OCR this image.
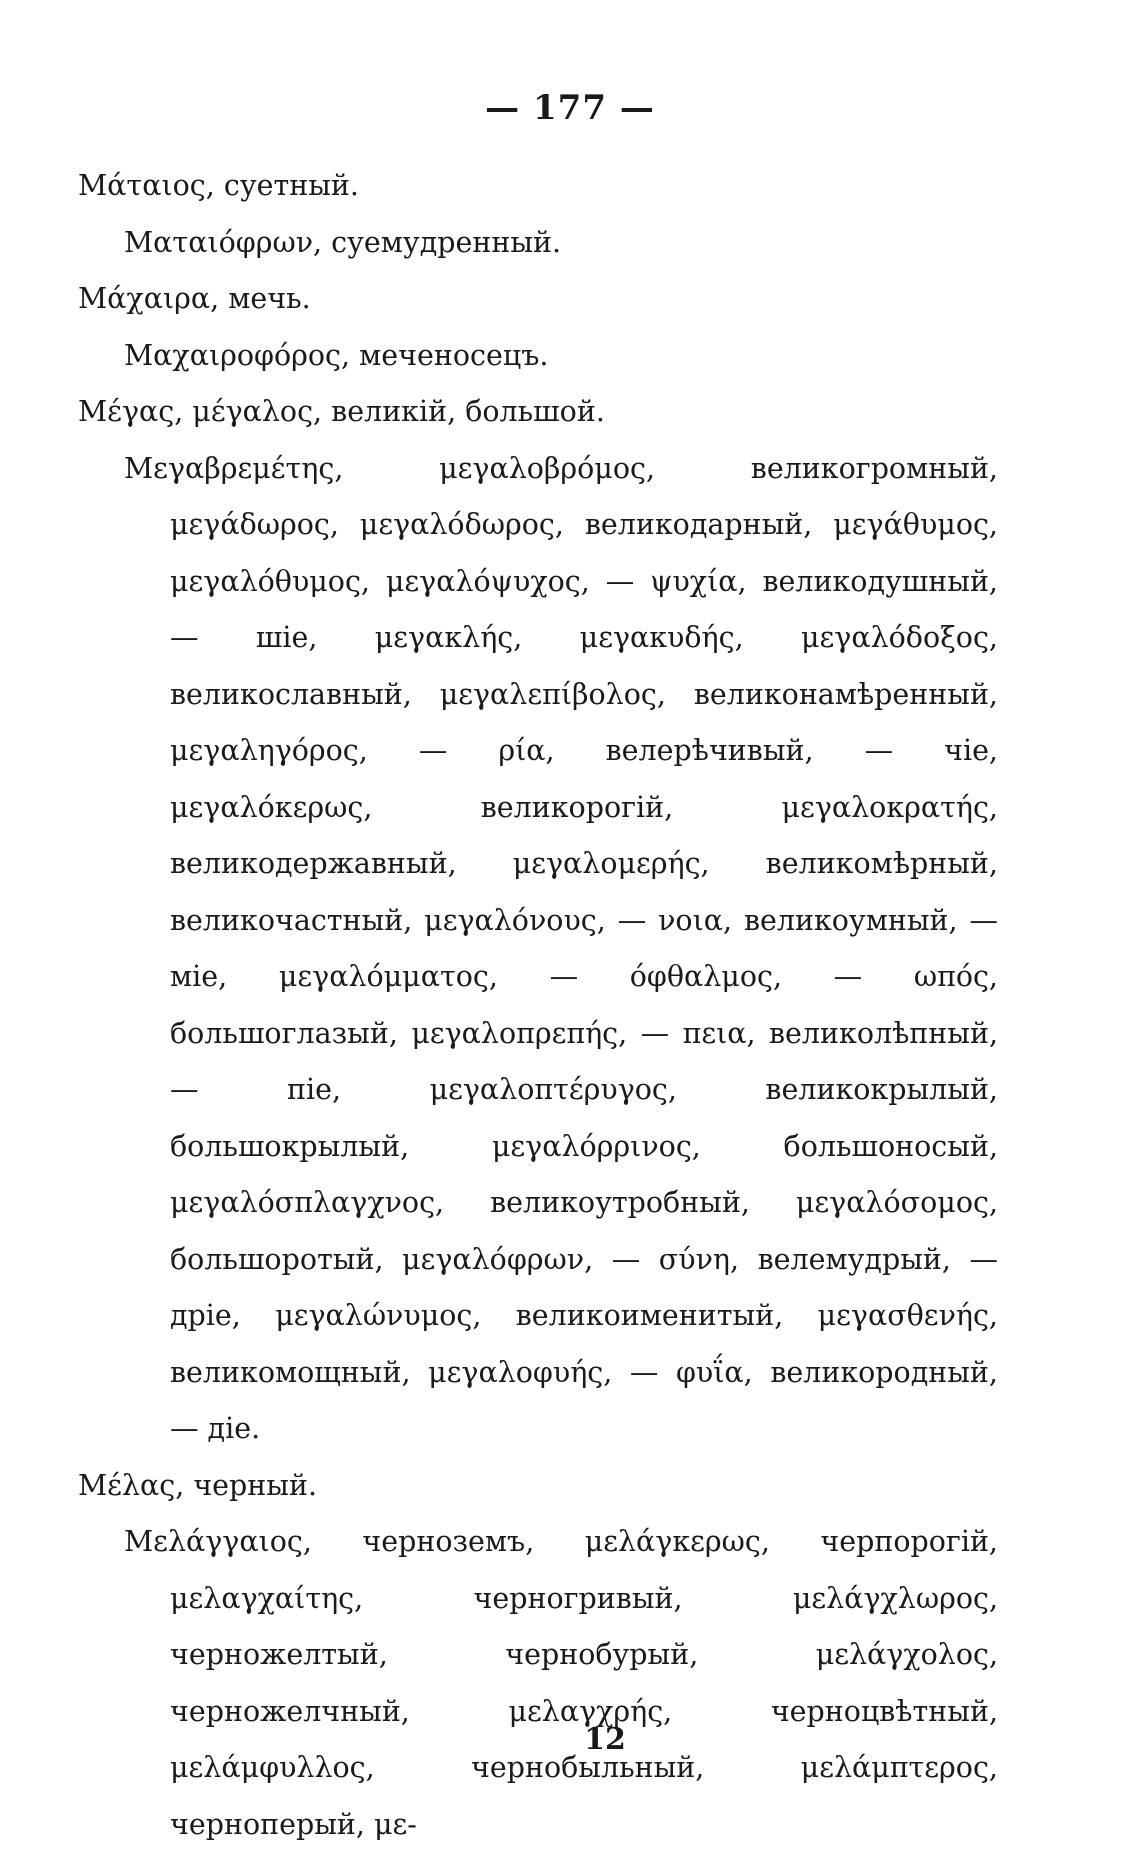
— 177 —

Μάταιος, суетный.

Ματαιόφρων, суемудренный.

Μάχαιρα, мечь.

Μαχαιροφόρος, меченосецъ.

Μέγας, μέγαλος, великій, большой.

Μεγαβρεμέτης, μεγαλοβρόμος, великогромный, μεγάδωρος, μεγαλόδωρος, великодарный, μεγάθυμος, μεγαλόθυμος, μεγαλόψυχος, — ψυχία, великодушный, — шіе, μεγακλής, μεγακυδής, μεγαλόδοξος, великославный, μεγαλεπίβολος, великонамѣренный, μεγαληγόρος, — ρία, велерѣчивый, — чіе, μεγαλόκερως, великорогій, μεγαλοκρατής, великодержавный, μεγαλομερής, великомѣрный, великочастный, μεγαλόνους, — νοια, великоумный, — міе, μεγαλόμματος, — όφθαλμος, — ωπός, большоглазый, μεγαλοπρεπής, — πεια, великолѣпный, — піе, μεγαλοπτέρυγος, великокрылый, большокрылый, μεγαλόρρινος, большоносый, μεγαλόσπλαγχνος, великоутробный, μεγαλόσομος, большоротый, μεγαλόφρων, — σύνη, велемудрый, — дріе, μεγαλώνυμος, великоименитый, μεγασθενής, великомощный, μεγαλοφυής, — φυΐα, великородный, — діе.

Μέλας, черный.

Μελάγγαιος, черноземъ, μελάγκερως, черпорогій, μελαγχαίτης, черногривый, μελάγχλωρος, черножелтый, чернобурый, μελάγχολος, черножелчный, μελαγχρής, черноцвѣтный, μελάμφυλλος, чернобыльный, μελάμπτερος, черноперый, με-

12
